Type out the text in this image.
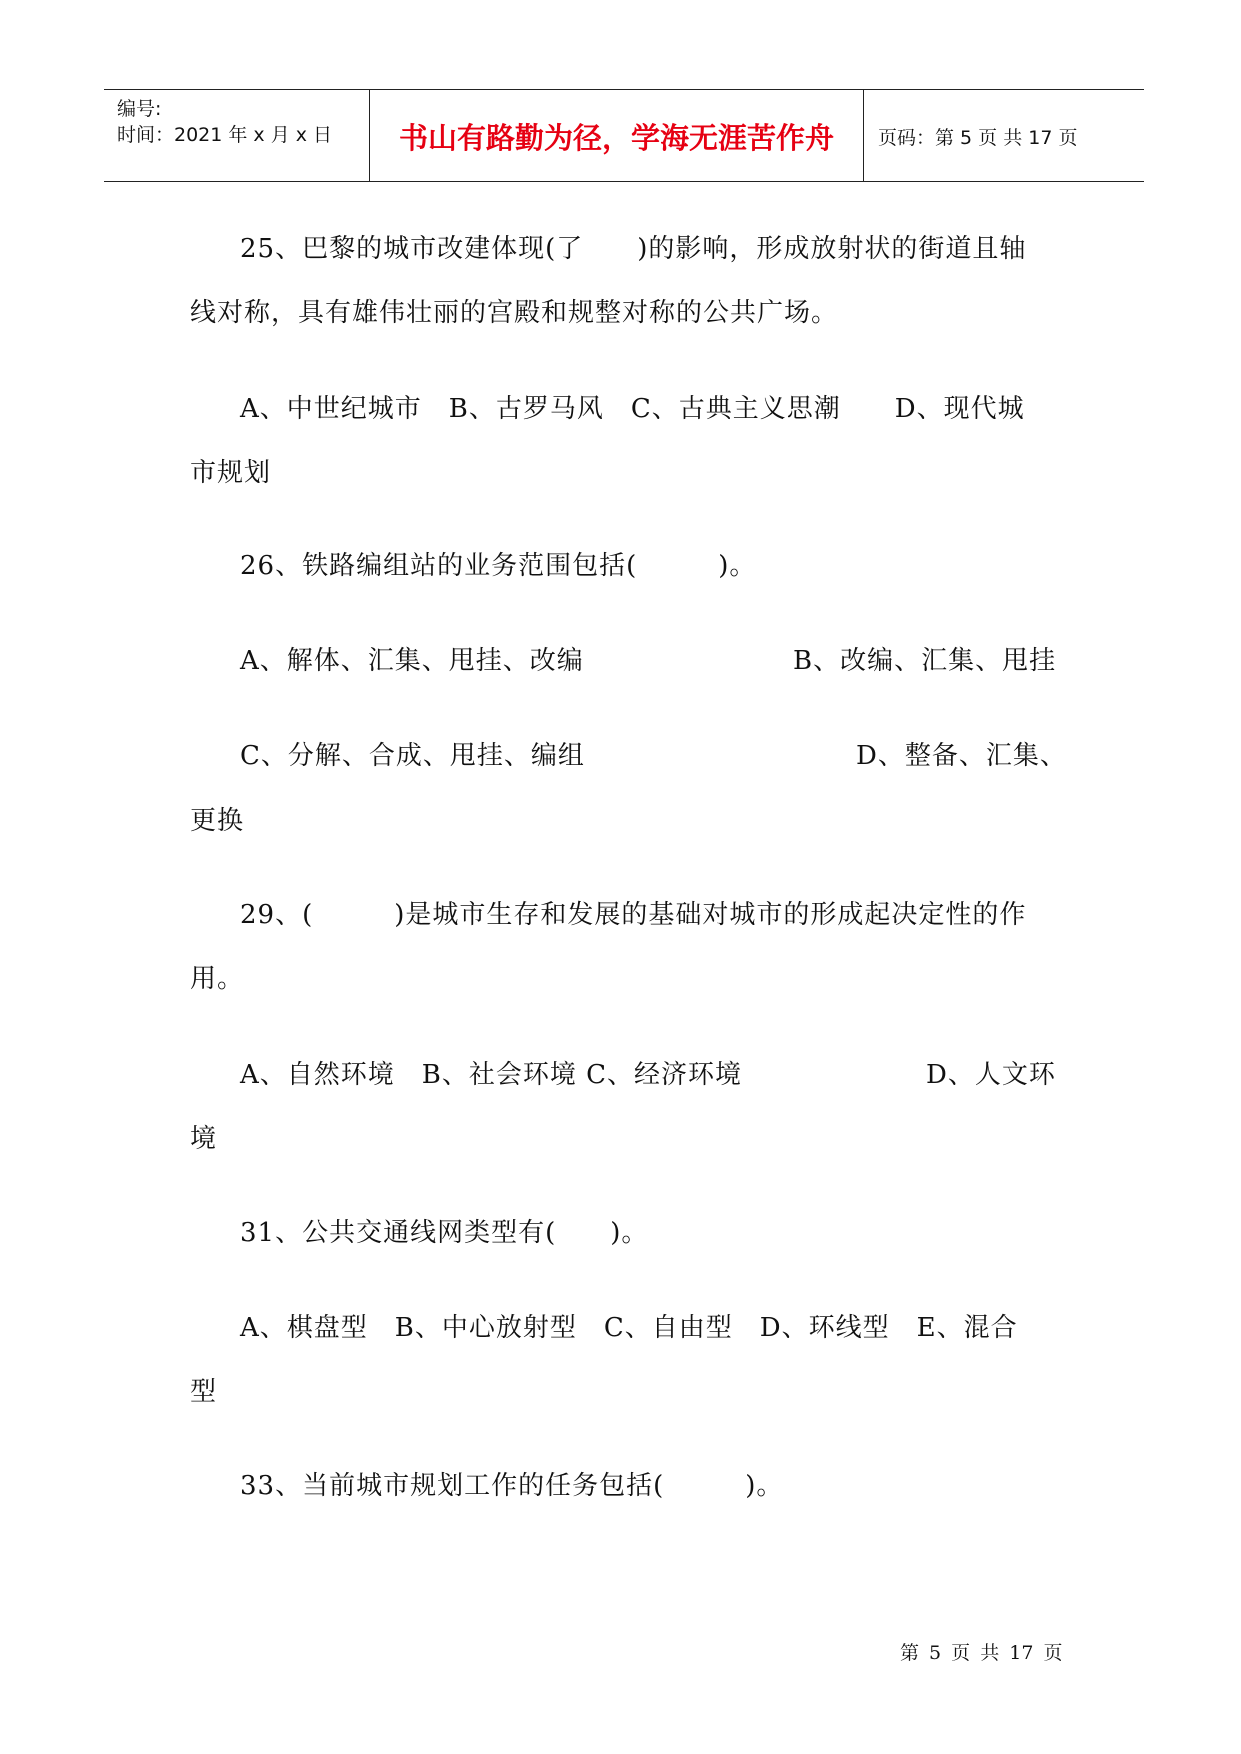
编号:
时间：2021 年 x 月 x 日	书山有路勤为径，学海无涯苦作舟	页码：第 5 页 共 17 页
25、巴黎的城市改建体现(了　　)的影响，形成放射状的街道且轴
线对称，具有雄伟壮丽的宫殿和规整对称的公共广场。
A、中世纪城市　B、古罗马风　C、古典主义思潮　　D、现代城
市规划
26、铁路编组站的业务范围包括(　　　)。
A、解体、汇集、甩挂、改编	B、改编、汇集、甩挂
C、分解、合成、甩挂、编组	D、整备、汇集、
更换
29、(　　　)是城市生存和发展的基础对城市的形成起决定性的作
用。
A、自然环境　B、社会环境 C、经济环境	D、人文环
境
31、公共交通线网类型有(　　)。
A、棋盘型　B、中心放射型　C、自由型　D、环线型　E、混合
型
33、当前城市规划工作的任务包括(　　　)。
第 5 页 共 17 页
